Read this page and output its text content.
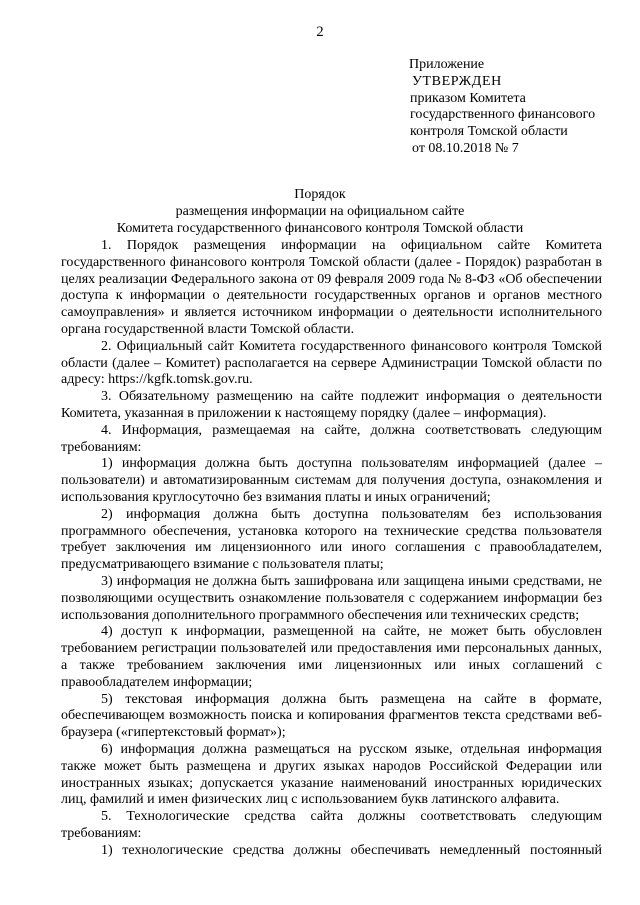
2
Приложение
УТВЕРЖДЕН
приказом Комитета
государственного финансового
контроля Томской области
от 08.10.2018 № 7
Порядок
размещения информации на официальном сайте
Комитета государственного финансового контроля Томской области

1. Порядок размещения информации на официальном сайте Комитета государственного финансового контроля Томской области (далее - Порядок) разработан в целях реализации Федерального закона от 09 февраля 2009 года № 8-ФЗ «Об обеспечении доступа к информации о деятельности государственных органов и органов местного самоуправления» и является источником информации о деятельности исполнительного органа государственной власти Томской области.

2. Официальный сайт Комитета государственного финансового контроля Томской области (далее – Комитет) располагается на сервере Администрации Томской области по адресу: https://kgfk.tomsk.gov.ru.

3. Обязательному размещению на сайте подлежит информация о деятельности Комитета, указанная в приложении к настоящему порядку (далее – информация).

4. Информация, размещаемая на сайте, должна соответствовать следующим требованиям:

1) информация должна быть доступна пользователям информацией (далее – пользователи) и автоматизированным системам для получения доступа, ознакомления и использования круглосуточно без взимания платы и иных ограничений;

2) информация должна быть доступна пользователям без использования программного обеспечения, установка которого на технические средства пользователя требует заключения им лицензионного или иного соглашения с правообладателем, предусматривающего взимание с пользователя платы;

3) информация не должна быть зашифрована или защищена иными средствами, не позволяющими осуществить ознакомление пользователя с содержанием информации без использования дополнительного программного обеспечения или технических средств;

4) доступ к информации, размещенной на сайте, не может быть обусловлен требованием регистрации пользователей или предоставления ими персональных данных, а также требованием заключения ими лицензионных или иных соглашений с правообладателем информации;

5) текстовая информация должна быть размещена на сайте в формате, обеспечивающем возможность поиска и копирования фрагментов текста средствами веб-браузера («гипертекстовый формат»);

6) информация должна размещаться на русском языке, отдельная информация также может быть размещена и других языках народов Российской Федерации или иностранных языках; допускается указание наименований иностранных юридических лиц, фамилий и имен физических лиц с использованием букв латинского алфавита.

5. Технологические средства сайта должны соответствовать следующим требованиям:

1) технологические средства должны обеспечивать немедленный постоянный
